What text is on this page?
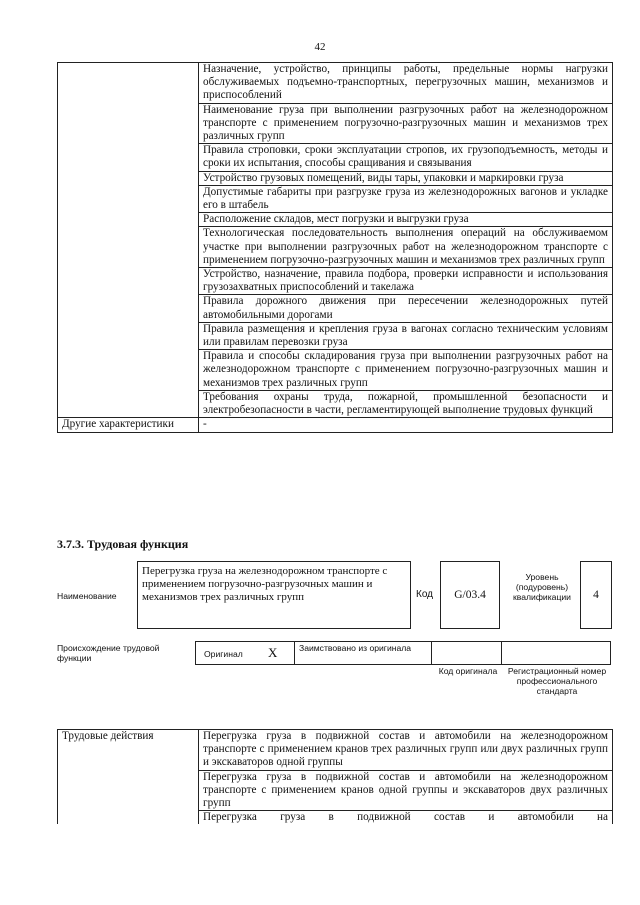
42
	Назначение, устройство, принципы работы, предельные нормы нагрузки обслуживаемых подъемно-транспортных, перегрузочных машин, механизмов и приспособлений
	Наименование груза при выполнении разгрузочных работ на железнодорожном транспорте с применением погрузочно-разгрузочных машин и механизмов трех различных групп
	Правила строповки, сроки эксплуатации стропов, их грузоподъемность, методы и сроки их испытания, способы сращивания и связывания
	Устройство грузовых помещений, виды тары, упаковки и маркировки груза
	Допустимые габариты при разгрузке груза из железнодорожных вагонов и укладке его в штабель
	Расположение складов, мест погрузки и выгрузки груза
	Технологическая последовательность выполнения операций на обслуживаемом участке при выполнении разгрузочных работ на железнодорожном транспорте с применением погрузочно-разгрузочных машин и механизмов трех различных групп
	Устройство, назначение, правила подбора, проверки исправности и использования грузозахватных приспособлений и такелажа
	Правила дорожного движения при пересечении железнодорожных путей автомобильными дорогами
	Правила размещения и крепления груза в вагонах согласно техническим условиям или правилам перевозки груза
	Правила и способы складирования груза при выполнении разгрузочных работ на железнодорожном транспорте с применением погрузочно-разгрузочных машин и механизмов трех различных групп
	Требования охраны труда, пожарной, промышленной безопасности и электробезопасности в части, регламентирующей выполнение трудовых функций
Другие характеристики	-
3.7.3. Трудовая функция
Наименование
Перегрузка груза на железнодорожном транспорте с применением погрузочно-разгрузочных машин и механизмов трех различных групп	Код	G/03.4
Уровень (подуровень) квалификации	4
Происхождение трудовой функции	Оригинал X	Заимствовано из оригинала
Код оригинала	Регистрационный номер профессионального стандарта
Трудовые действия	Перегрузка груза в подвижной состав и автомобили на железнодорожном транспорте с применением кранов трех различных групп или двух различных групп и экскаваторов одной группы
Перегрузка груза в подвижной состав и автомобили на железнодорожном транспорте с применением кранов одной группы и экскаваторов двух различных групп
Перегрузка груза в подвижной состав и автомобили на
